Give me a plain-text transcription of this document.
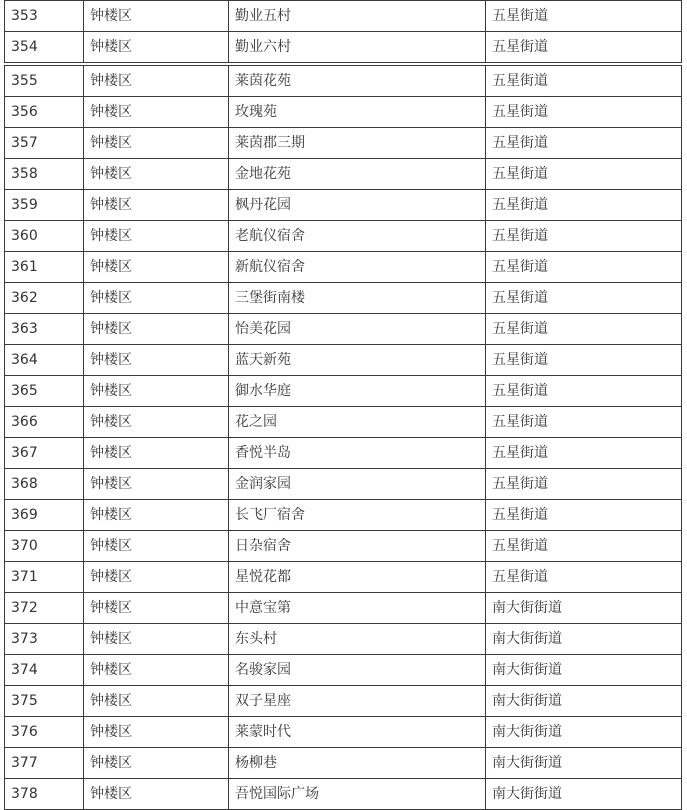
353	钟楼区	勤业五村	五星街道
354	钟楼区	勤业六村	五星街道
355	钟楼区	莱茵花苑	五星街道
356	钟楼区	玫瑰苑	五星街道
357	钟楼区	莱茵郡三期	五星街道
358	钟楼区	金地花苑	五星街道
359	钟楼区	枫丹花园	五星街道
360	钟楼区	老航仪宿舍	五星街道
361	钟楼区	新航仪宿舍	五星街道
362	钟楼区	三堡街南楼	五星街道
363	钟楼区	怡美花园	五星街道
364	钟楼区	蓝天新苑	五星街道
365	钟楼区	御水华庭	五星街道
366	钟楼区	花之园	五星街道
367	钟楼区	香悦半岛	五星街道
368	钟楼区	金润家园	五星街道
369	钟楼区	长飞厂宿舍	五星街道
370	钟楼区	日杂宿舍	五星街道
371	钟楼区	星悦花都	五星街道
372	钟楼区	中意宝第	南大街街道
373	钟楼区	东头村	南大街街道
374	钟楼区	名骏家园	南大街街道
375	钟楼区	双子星座	南大街街道
376	钟楼区	莱蒙时代	南大街街道
377	钟楼区	杨柳巷	南大街街道
378	钟楼区	吾悦国际广场	南大街街道
